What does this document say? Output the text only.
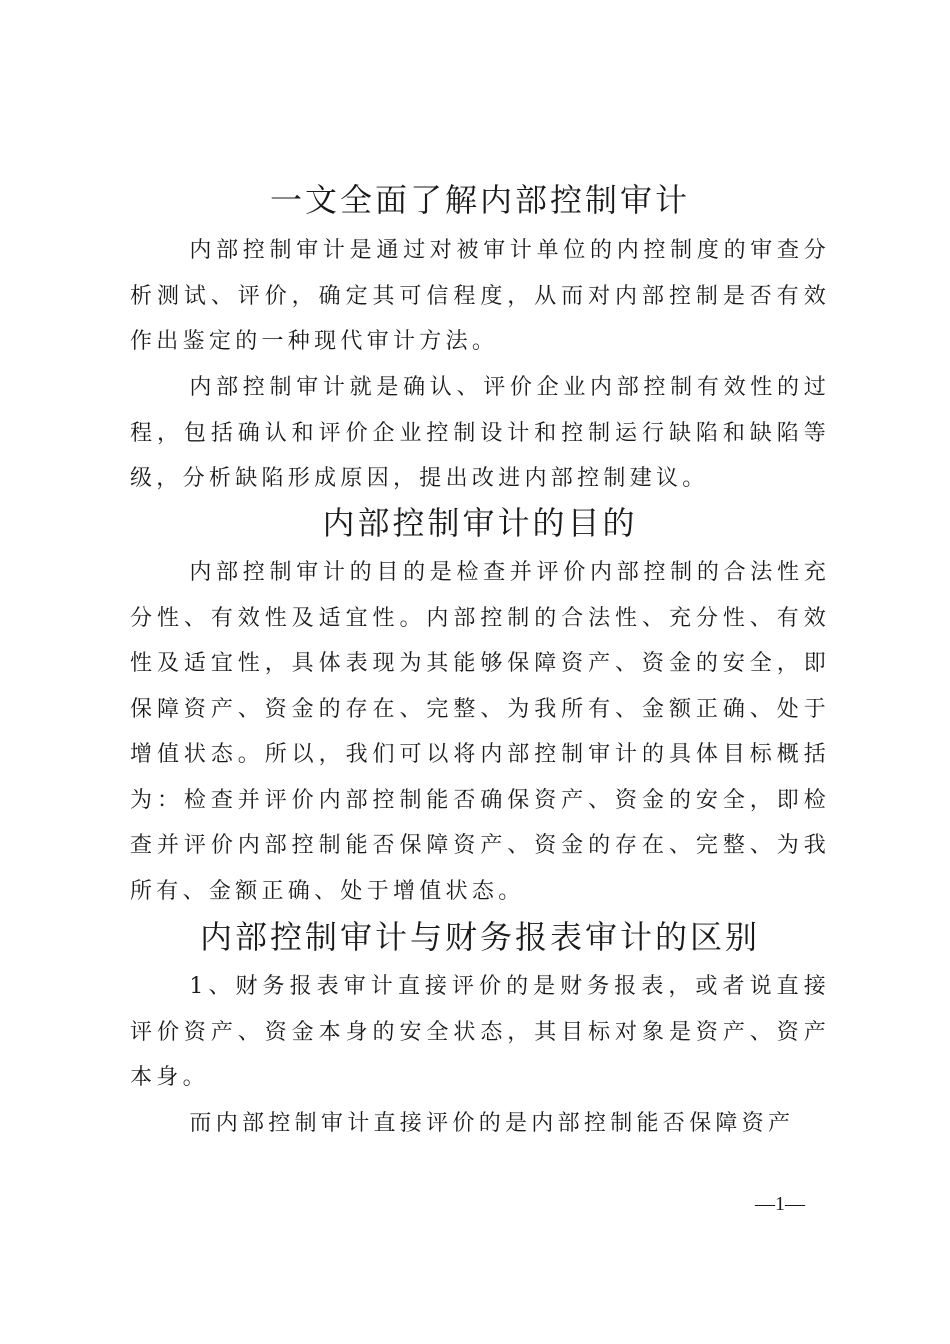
一文全面了解内部控制审计

内部控制审计是通过对被审计单位的内控制度的审查分析测试、评价，确定其可信程度，从而对内部控制是否有效作出鉴定的一种现代审计方法。

内部控制审计就是确认、评价企业内部控制有效性的过程，包括确认和评价企业控制设计和控制运行缺陷和缺陷等级，分析缺陷形成原因，提出改进内部控制建议。

内部控制审计的目的

内部控制审计的目的是检查并评价内部控制的合法性充分性、有效性及适宜性。内部控制的合法性、充分性、有效性及适宜性，具体表现为其能够保障资产、资金的安全，即保障资产、资金的存在、完整、为我所有、金额正确、处于增值状态。所以，我们可以将内部控制审计的具体目标概括为：检查并评价内部控制能否确保资产、资金的安全，即检查并评价内部控制能否保障资产、资金的存在、完整、为我所有、金额正确、处于增值状态。

内部控制审计与财务报表审计的区别

1、财务报表审计直接评价的是财务报表，或者说直接评价资产、资金本身的安全状态，其目标对象是资产、资产本身。

而内部控制审计直接评价的是内部控制能否保障资产

—1—
